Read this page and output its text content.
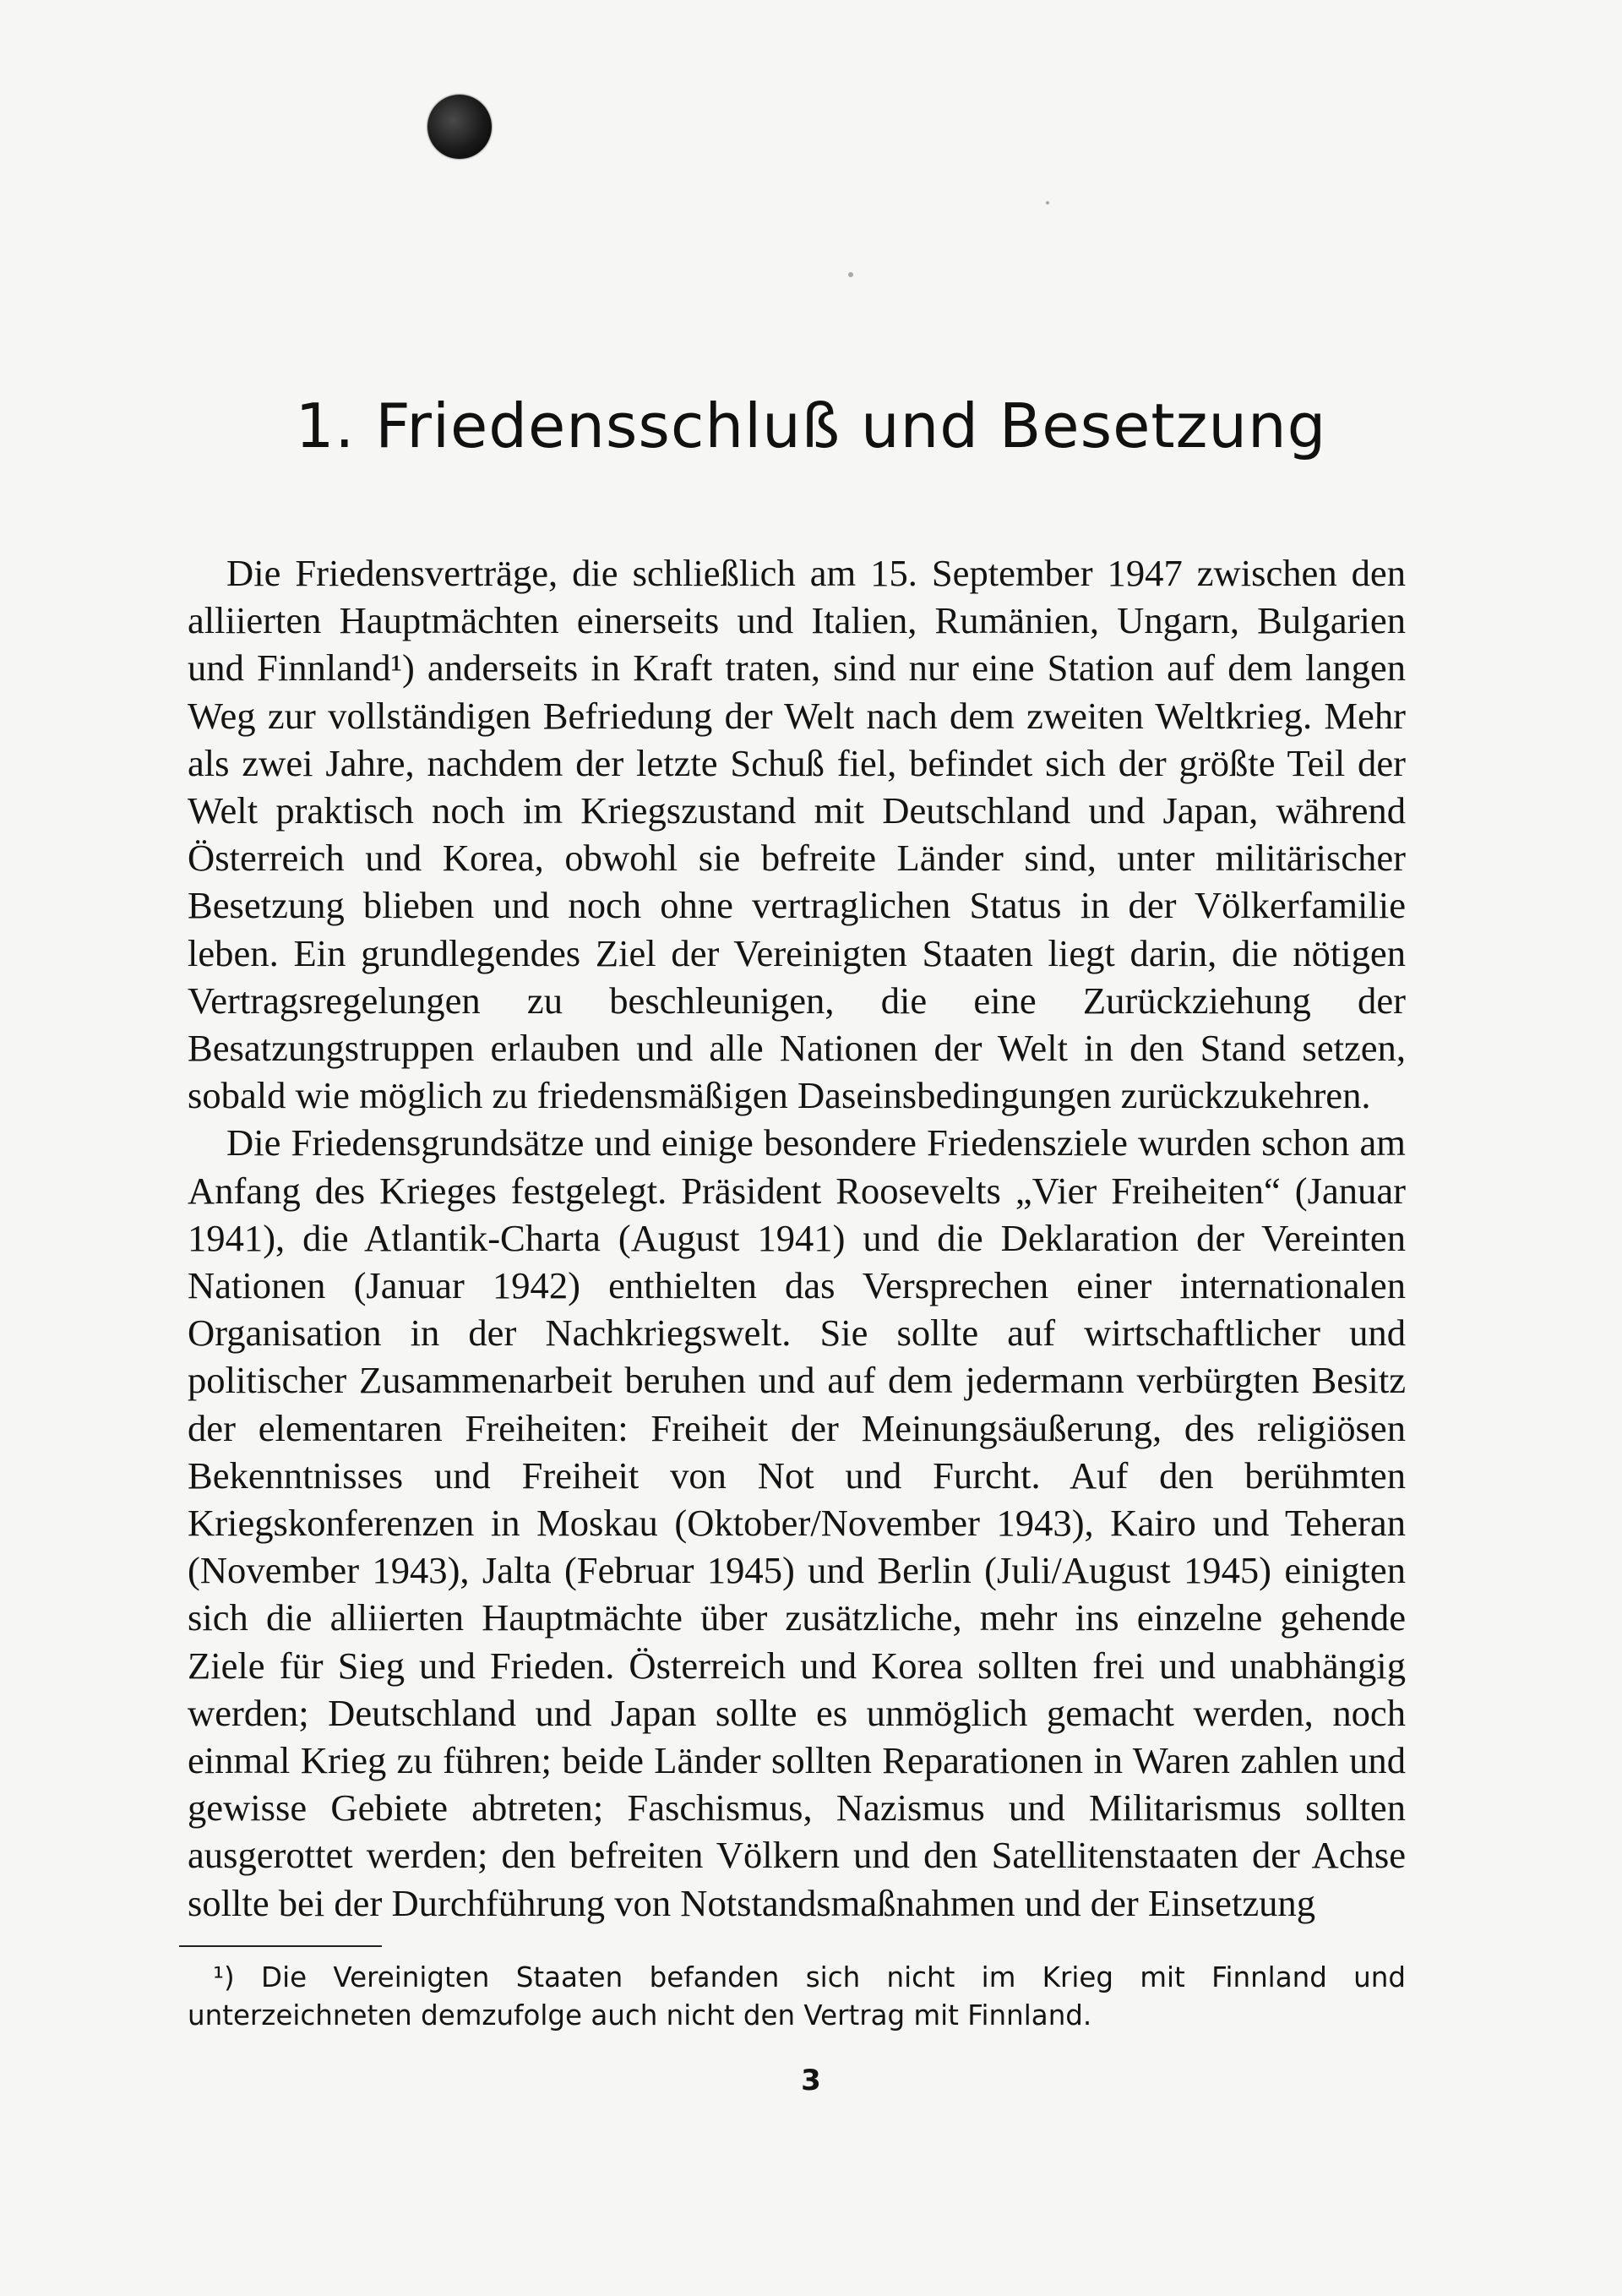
1. Friedensschluß und Besetzung

Die Friedensverträge, die schließlich am 15. September 1947 zwischen den alliierten Hauptmächten einerseits und Italien, Rumänien, Ungarn, Bulgarien und Finnland¹) anderseits in Kraft traten, sind nur eine Station auf dem langen Weg zur vollständigen Befriedung der Welt nach dem zweiten Weltkrieg. Mehr als zwei Jahre, nachdem der letzte Schuß fiel, befindet sich der größte Teil der Welt praktisch noch im Kriegszustand mit Deutschland und Japan, während Österreich und Korea, obwohl sie befreite Länder sind, unter militärischer Besetzung blieben und noch ohne vertraglichen Status in der Völkerfamilie leben. Ein grundlegendes Ziel der Vereinigten Staaten liegt darin, die nötigen Vertragsregelungen zu beschleunigen, die eine Zurückziehung der Besatzungstruppen erlauben und alle Nationen der Welt in den Stand setzen, sobald wie möglich zu friedensmäßigen Daseinsbedingungen zurückzukehren.

Die Friedensgrundsätze und einige besondere Friedensziele wurden schon am Anfang des Krieges festgelegt. Präsident Roosevelts „Vier Freiheiten“ (Januar 1941), die Atlantik-Charta (August 1941) und die Deklaration der Vereinten Nationen (Januar 1942) enthielten das Versprechen einer internationalen Organisation in der Nachkriegswelt. Sie sollte auf wirtschaftlicher und politischer Zusammenarbeit beruhen und auf dem jedermann verbürgten Besitz der elementaren Freiheiten: Freiheit der Meinungsäußerung, des religiösen Bekenntnisses und Freiheit von Not und Furcht. Auf den berühmten Kriegskonferenzen in Moskau (Oktober/November 1943), Kairo und Teheran (November 1943), Jalta (Februar 1945) und Berlin (Juli/August 1945) einigten sich die alliierten Hauptmächte über zusätzliche, mehr ins einzelne gehende Ziele für Sieg und Frieden. Österreich und Korea sollten frei und unabhängig werden; Deutschland und Japan sollte es unmöglich gemacht werden, noch einmal Krieg zu führen; beide Länder sollten Reparationen in Waren zahlen und gewisse Gebiete abtreten; Faschismus, Nazismus und Militarismus sollten ausgerottet werden; den befreiten Völkern und den Satellitenstaaten der Achse sollte bei der Durchführung von Notstandsmaßnahmen und der Einsetzung

¹) Die Vereinigten Staaten befanden sich nicht im Krieg mit Finnland und unterzeichneten demzufolge auch nicht den Vertrag mit Finnland.

3
